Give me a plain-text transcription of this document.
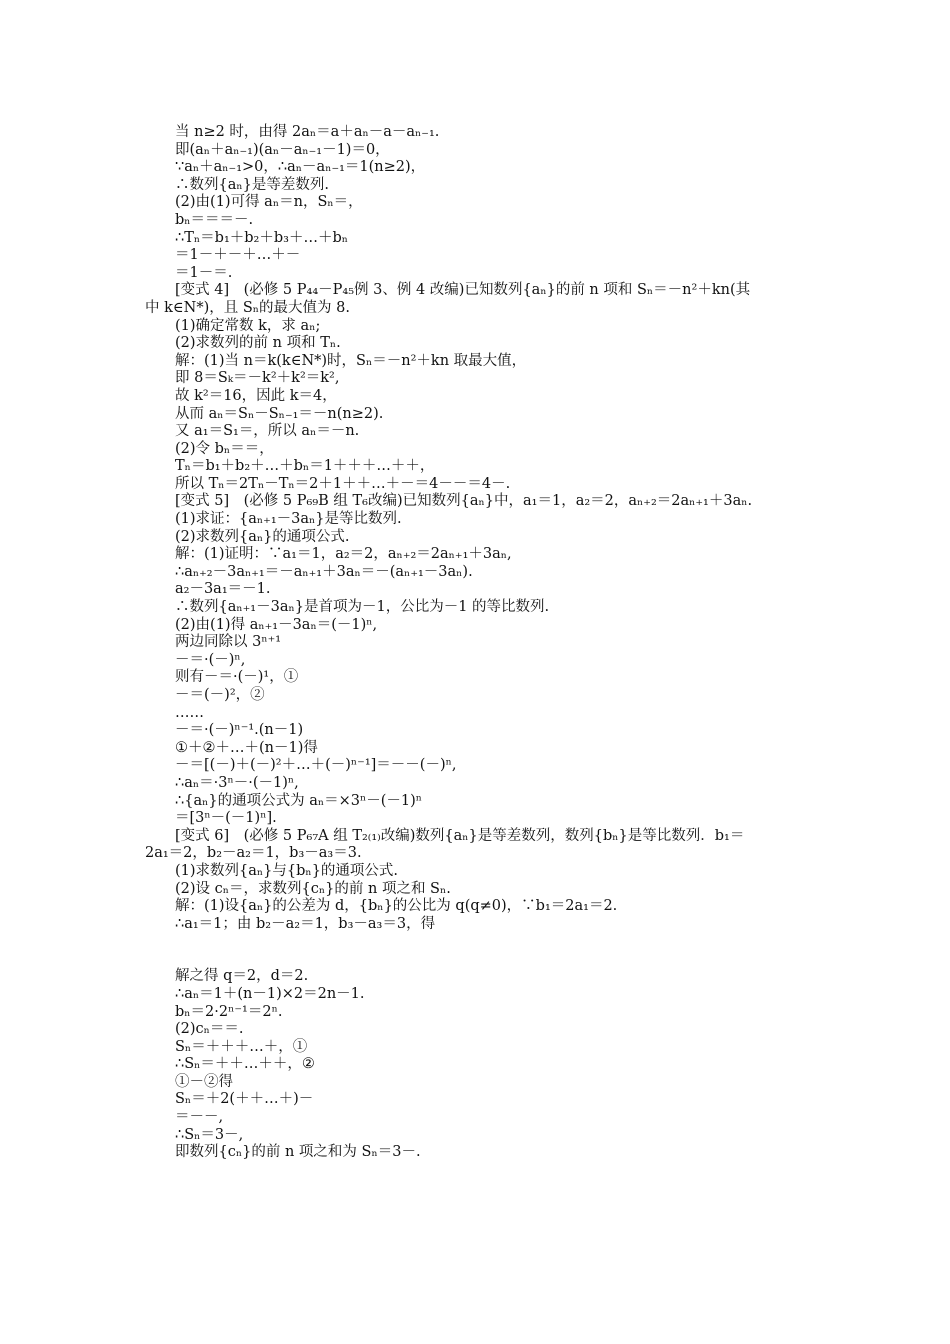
当 n≥2 时，由得 2aₙ＝a＋aₙ－a－aₙ₋₁.
即(aₙ＋aₙ₋₁)(aₙ－aₙ₋₁－1)＝0，
∵aₙ＋aₙ₋₁>0，∴aₙ－aₙ₋₁＝1(n≥2)，
∴数列{aₙ}是等差数列.
(2)由(1)可得 aₙ＝n，Sₙ＝，
bₙ＝＝＝－.
∴Tₙ＝b₁＋b₂＋b₃＋…＋bₙ
＝1－＋－＋…＋－
＝1－＝.
[变式 4]　(必修 5 P₄₄－P₄₅例 3、例 4 改编)已知数列{aₙ}的前 n 项和 Sₙ＝－n²＋kn(其
中 k∈N*)，且 Sₙ的最大值为 8.
(1)确定常数 k，求 aₙ;
(2)求数列的前 n 项和 Tₙ.
解：(1)当 n＝k(k∈N*)时，Sₙ＝－n²＋kn 取最大值，
即 8＝Sₖ＝－k²＋k²＝k²,
故 k²＝16，因此 k＝4，
从而 aₙ＝Sₙ－Sₙ₋₁＝－n(n≥2).
又 a₁＝S₁＝，所以 aₙ＝－n.
(2)令 bₙ＝＝，
Tₙ＝b₁＋b₂＋…＋bₙ＝1＋＋＋…＋＋，
所以 Tₙ＝2Tₙ－Tₙ＝2＋1＋＋…＋－＝4－－＝4－.
[变式 5]　(必修 5 P₆₉B 组 T₆改编)已知数列{aₙ}中，a₁＝1，a₂＝2，aₙ₊₂＝2aₙ₊₁＋3aₙ.
(1)求证：{aₙ₊₁－3aₙ}是等比数列.
(2)求数列{aₙ}的通项公式.
解：(1)证明：∵a₁＝1，a₂＝2，aₙ₊₂＝2aₙ₊₁＋3aₙ,
∴aₙ₊₂－3aₙ₊₁＝－aₙ₊₁＋3aₙ＝－(aₙ₊₁－3aₙ).
a₂－3a₁＝－1.
∴数列{aₙ₊₁－3aₙ}是首项为－1，公比为－1 的等比数列.
(2)由(1)得 aₙ₊₁－3aₙ＝(－1)ⁿ,
两边同除以 3ⁿ⁺¹
－＝·(－)ⁿ,
则有－＝·(－)¹，①
－＝(－)²，②
……
－＝·(－)ⁿ⁻¹.(n－1)
①＋②＋…＋(n－1)得
－＝[(－)＋(－)²＋…＋(－)ⁿ⁻¹]＝－－(－)ⁿ,
∴aₙ＝·3ⁿ－·(－1)ⁿ,
∴{aₙ}的通项公式为 aₙ＝×3ⁿ－(－1)ⁿ
＝[3ⁿ－(－1)ⁿ].
[变式 6]　(必修 5 P₆₇A 组 T₂₍₁₎改编)数列{aₙ}是等差数列，数列{bₙ}是等比数列．b₁＝
2a₁＝2，b₂－a₂＝1，b₃－a₃＝3.
(1)求数列{aₙ}与{bₙ}的通项公式.
(2)设 cₙ＝，求数列{cₙ}的前 n 项之和 Sₙ.
解：(1)设{aₙ}的公差为 d，{bₙ}的公比为 q(q≠0)，∵b₁＝2a₁＝2.
∴a₁＝1；由 b₂－a₂＝1，b₃－a₃＝3，得
解之得 q＝2，d＝2.
∴aₙ＝1＋(n－1)×2＝2n－1.
bₙ＝2·2ⁿ⁻¹＝2ⁿ.
(2)cₙ＝＝.
Sₙ＝＋＋＋…＋，①
∴Sₙ＝＋＋…＋＋，②
①－②得
Sₙ＝＋2(＋＋…＋)－
＝－－,
∴Sₙ＝3－,
即数列{cₙ}的前 n 项之和为 Sₙ＝3－.
